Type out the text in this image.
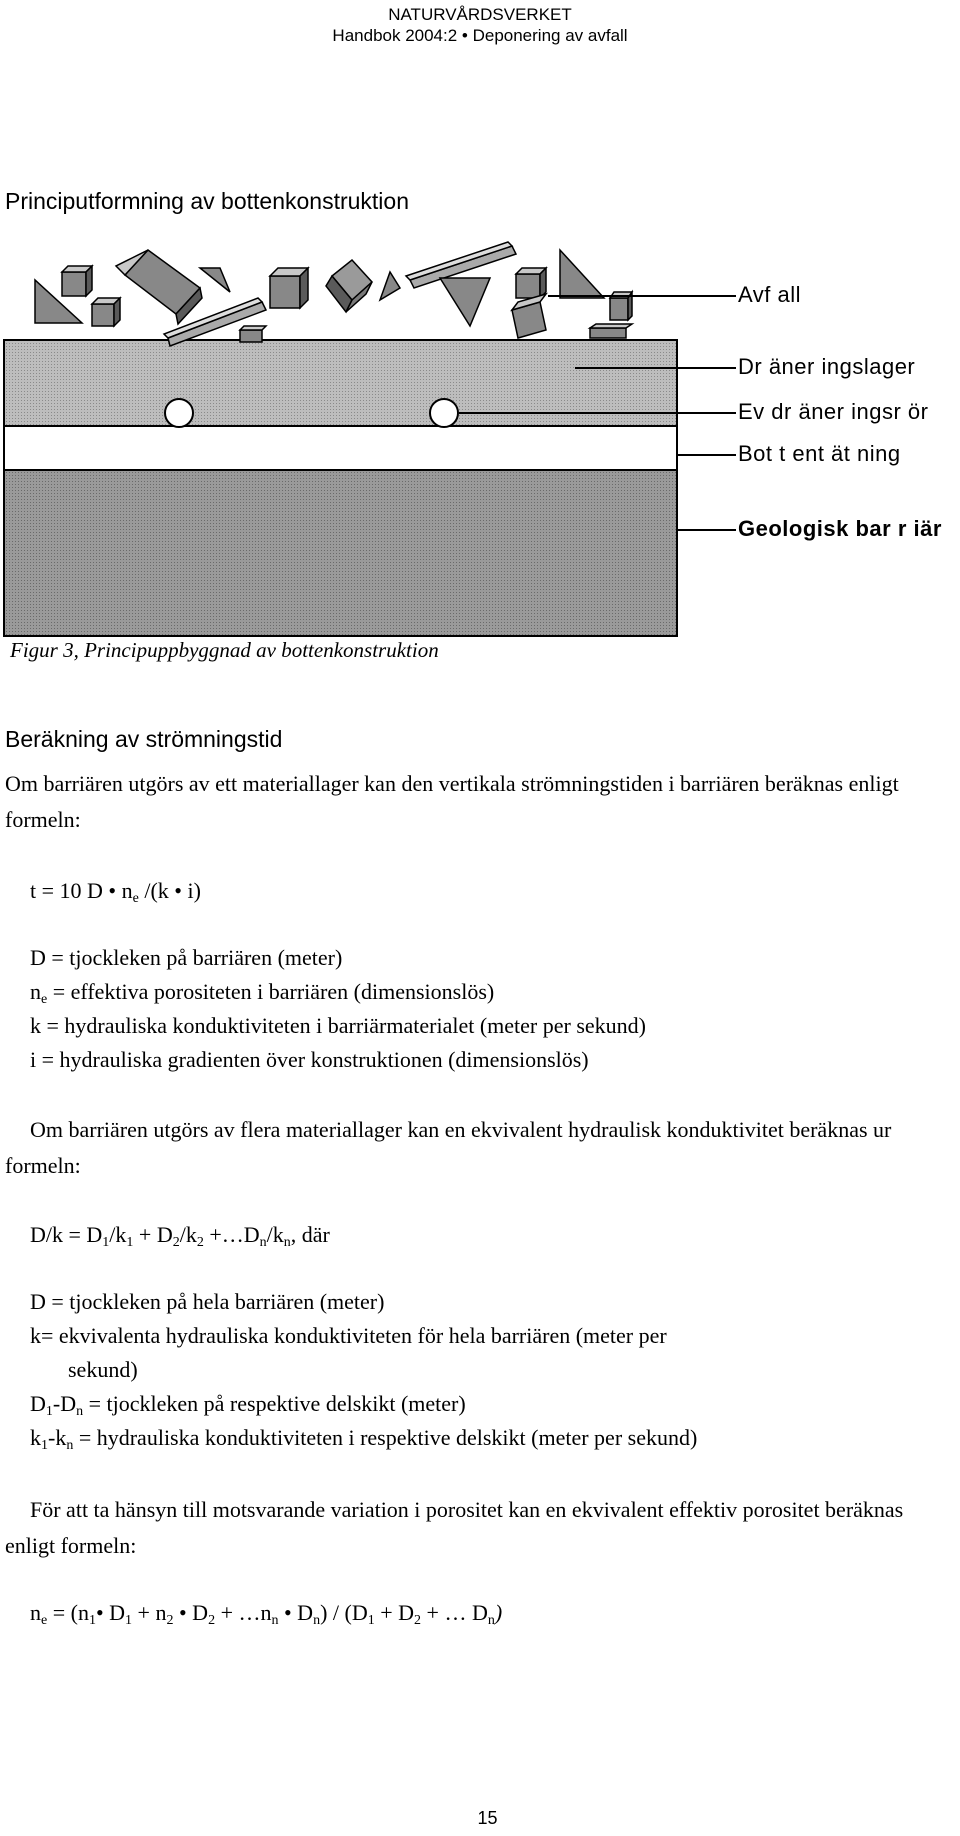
NATURVÅRDSVERKET
Handbok 2004:2 • Deponering av avfall
Principutformning av bottenkonstruktion
Avf all
Dr äner ingslager
Ev dr äner ingsr ör
Bot t ent ät ning
Geologisk bar r iär
Figur 3, Principuppbyggnad av bottenkonstruktion
Beräkning av strömningstid
Om barriären utgörs av ett materiallager kan den vertikala strömningstiden i barriären beräknas enligt formeln:
t = 10 D • $n_e$ /(k • i)
D = tjockleken på barriären (meter)
$n_e$ = effektiva porositeten i barriären (dimensionslös)
k = hydrauliska konduktiviteten i barriärmaterialet (meter per sekund)
i = hydrauliska gradienten över konstruktionen (dimensionslös)
Om barriären utgörs av flera materiallager kan en ekvivalent hydraulisk konduktivitet beräknas ur formeln:
$D/k = D_1/k_1 + D_2/k_2$ $+\dots D_n/k_n$, där
D = tjockleken på hela barriären (meter)
k= ekvivalenta hydrauliska konduktiviteten för hela barriären (meter per
sekund)
$D_1-D_n$ = tjockleken på respektive delskikt (meter)
$k_1-k_n$ = hydrauliska konduktiviteten i respektive delskikt (meter per sekund)
För att ta hänsyn till motsvarande variation i porositet kan en ekvivalent effektiv porositet beräknas enligt formeln:
$n_e$ = ($n_1•$ $D_1 + n_2$ • $D_2$ + $\dots n_n$ • $D_n) / (D_1 + D_2$ + … $D_n$)
15
